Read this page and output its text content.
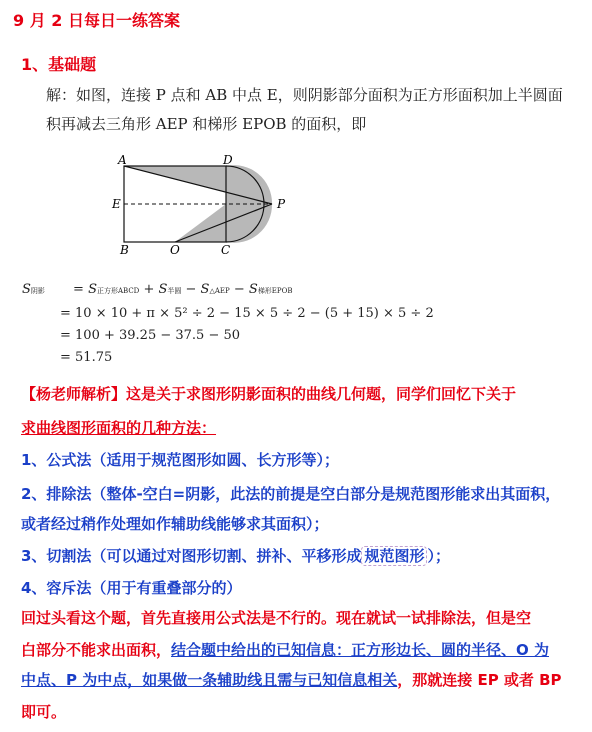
9 月 2 日每日一练答案
1、基础题
解：如图，连接 P 点和 AB 中点 E，则阴影部分面积为正方形面积加上半圆面
积再减去三角形 AEP 和梯形 EPOB 的面积，即
A	D
E	P
B	O	C
S阴影 = S正方形ABCD + S半圆 − S△AEP − S梯形EPOB
= 10 × 10 + π × 5² ÷ 2 − 15 × 5 ÷ 2 − (5 + 15) × 5 ÷ 2
= 100 + 39.25 − 37.5 − 50
= 51.75
【杨老师解析】这是关于求图形阴影面积的曲线几何题，同学们回忆下关于
求曲线图形面积的几种方法：
1、公式法（适用于规范图形如圆、长方形等）；
2、排除法（整体-空白=阴影，此法的前提是空白部分是规范图形能求出其面积，
或者经过稍作处理如作辅助线能够求其面积）；
3、切割法（可以通过对图形切割、拼补、平移形成 规范图形 ）；
4、容斥法（用于有重叠部分的）
回过头看这个题，首先直接用公式法是不行的。现在就试一试排除法，但是空
白部分不能求出面积，结合题中给出的已知信息：正方形边长、圆的半径、O 为
中点、P 为中点，如果做一条辅助线且需与已知信息相关，那就连接 EP 或者 BP
即可。
